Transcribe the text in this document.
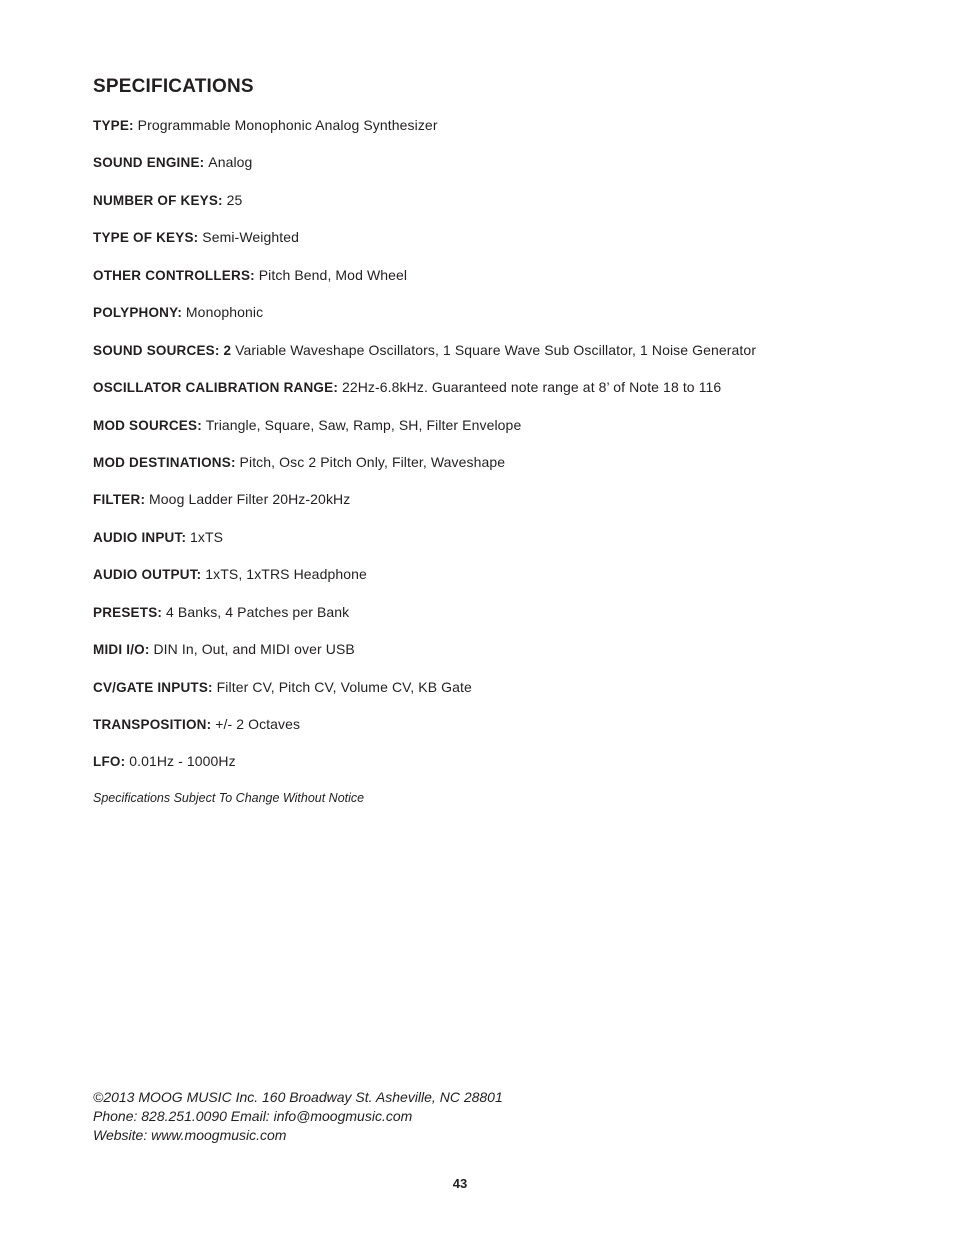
SPECIFICATIONS
TYPE: Programmable Monophonic Analog Synthesizer
SOUND ENGINE: Analog
NUMBER OF KEYS: 25
TYPE OF KEYS: Semi-Weighted
OTHER CONTROLLERS: Pitch Bend, Mod Wheel
POLYPHONY: Monophonic
SOUND SOURCES: 2 Variable Waveshape Oscillators, 1 Square Wave Sub Oscillator, 1 Noise Generator
OSCILLATOR CALIBRATION RANGE: 22Hz-6.8kHz. Guaranteed note range at 8’ of Note 18 to 116
MOD SOURCES: Triangle, Square, Saw, Ramp, SH, Filter Envelope
MOD DESTINATIONS: Pitch, Osc 2 Pitch Only, Filter, Waveshape
FILTER: Moog Ladder Filter 20Hz-20kHz
AUDIO INPUT: 1xTS
AUDIO OUTPUT: 1xTS, 1xTRS Headphone
PRESETS: 4 Banks, 4 Patches per Bank
MIDI I/O: DIN In, Out, and MIDI over USB
CV/GATE INPUTS: Filter CV, Pitch CV, Volume CV, KB Gate
TRANSPOSITION: +/- 2 Octaves
LFO: 0.01Hz - 1000Hz
Specifications Subject To Change Without Notice
©2013 MOOG MUSIC Inc. 160 Broadway St. Asheville, NC 28801
Phone: 828.251.0090 Email: info@moogmusic.com
Website: www.moogmusic.com
43
